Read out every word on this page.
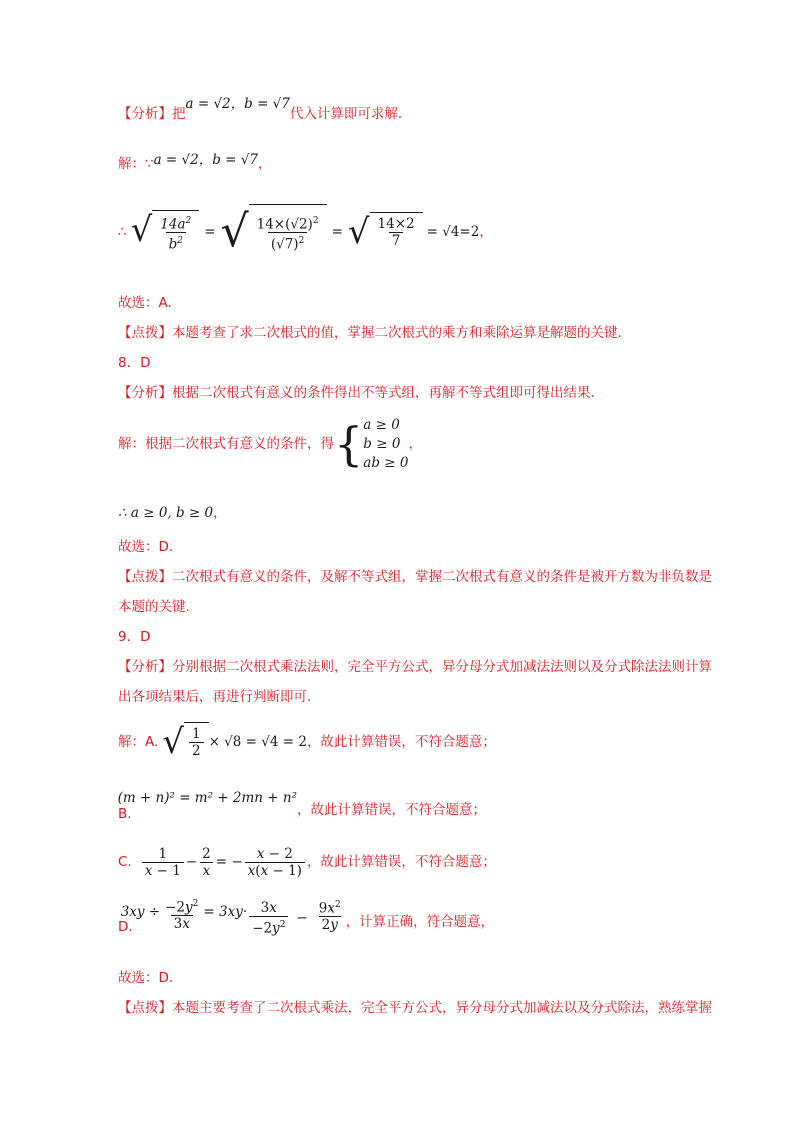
【分析】把a = √2，b = √7代入计算即可求解.
解：∵a = √2，b = √7，
∴ √ $\frac{14a^2}{b^2}$ = √ $\frac{14\times(√2)^2}{(√7)^2}$ = √ $\frac{14\times 2}{7} = √4=2$ ，
故选：A.
【点拨】本题考查了求二次根式的值，掌握二次根式的乘方和乘除运算是解题的关键.
8．D
【分析】根据二次根式有意义的条件得出不等式组，再解不等式组即可得出结果.
解：根据二次根式有意义的条件，得 { a ≥ 0
b ≥ 0
ab ≥ 0
，
∴ a ≥ 0, b ≥ 0，
故选：D.
【点拨】二次根式有意义的条件，及解不等式组，掌握二次根式有意义的条件是被开方数为非负数是
本题的关键.
9．D
【分析】分别根据二次根式乘法法则，完全平方公式，异分母分式加减法法则以及分式除法法则计算
出各项结果后，再进行判断即可.
解：A. √ $\frac{1}{2} \times √8 = √4 = 2$ ，故此计算错误，不符合题意；
B.
(m + n)² = m² + 2mn + n²
，故此计算错误，不符合题意；
C. $\frac{1}{x - 1} - \frac{2}{x}$ = − $\frac{x - 2}{x(x - 1)}$ ，故此计算错误，不符合题意；
D.
$3xy \div \frac{-2y^2}{3x} = 3xy\cdot \frac{3x}{-2y^2} - \frac{9x^2}{2y}$ ，计算正确，符合题意，
故选：D.
【点拨】本题主要考查了二次根式乘法，完全平方公式，异分母分式加减法以及分式除法，熟练掌握
